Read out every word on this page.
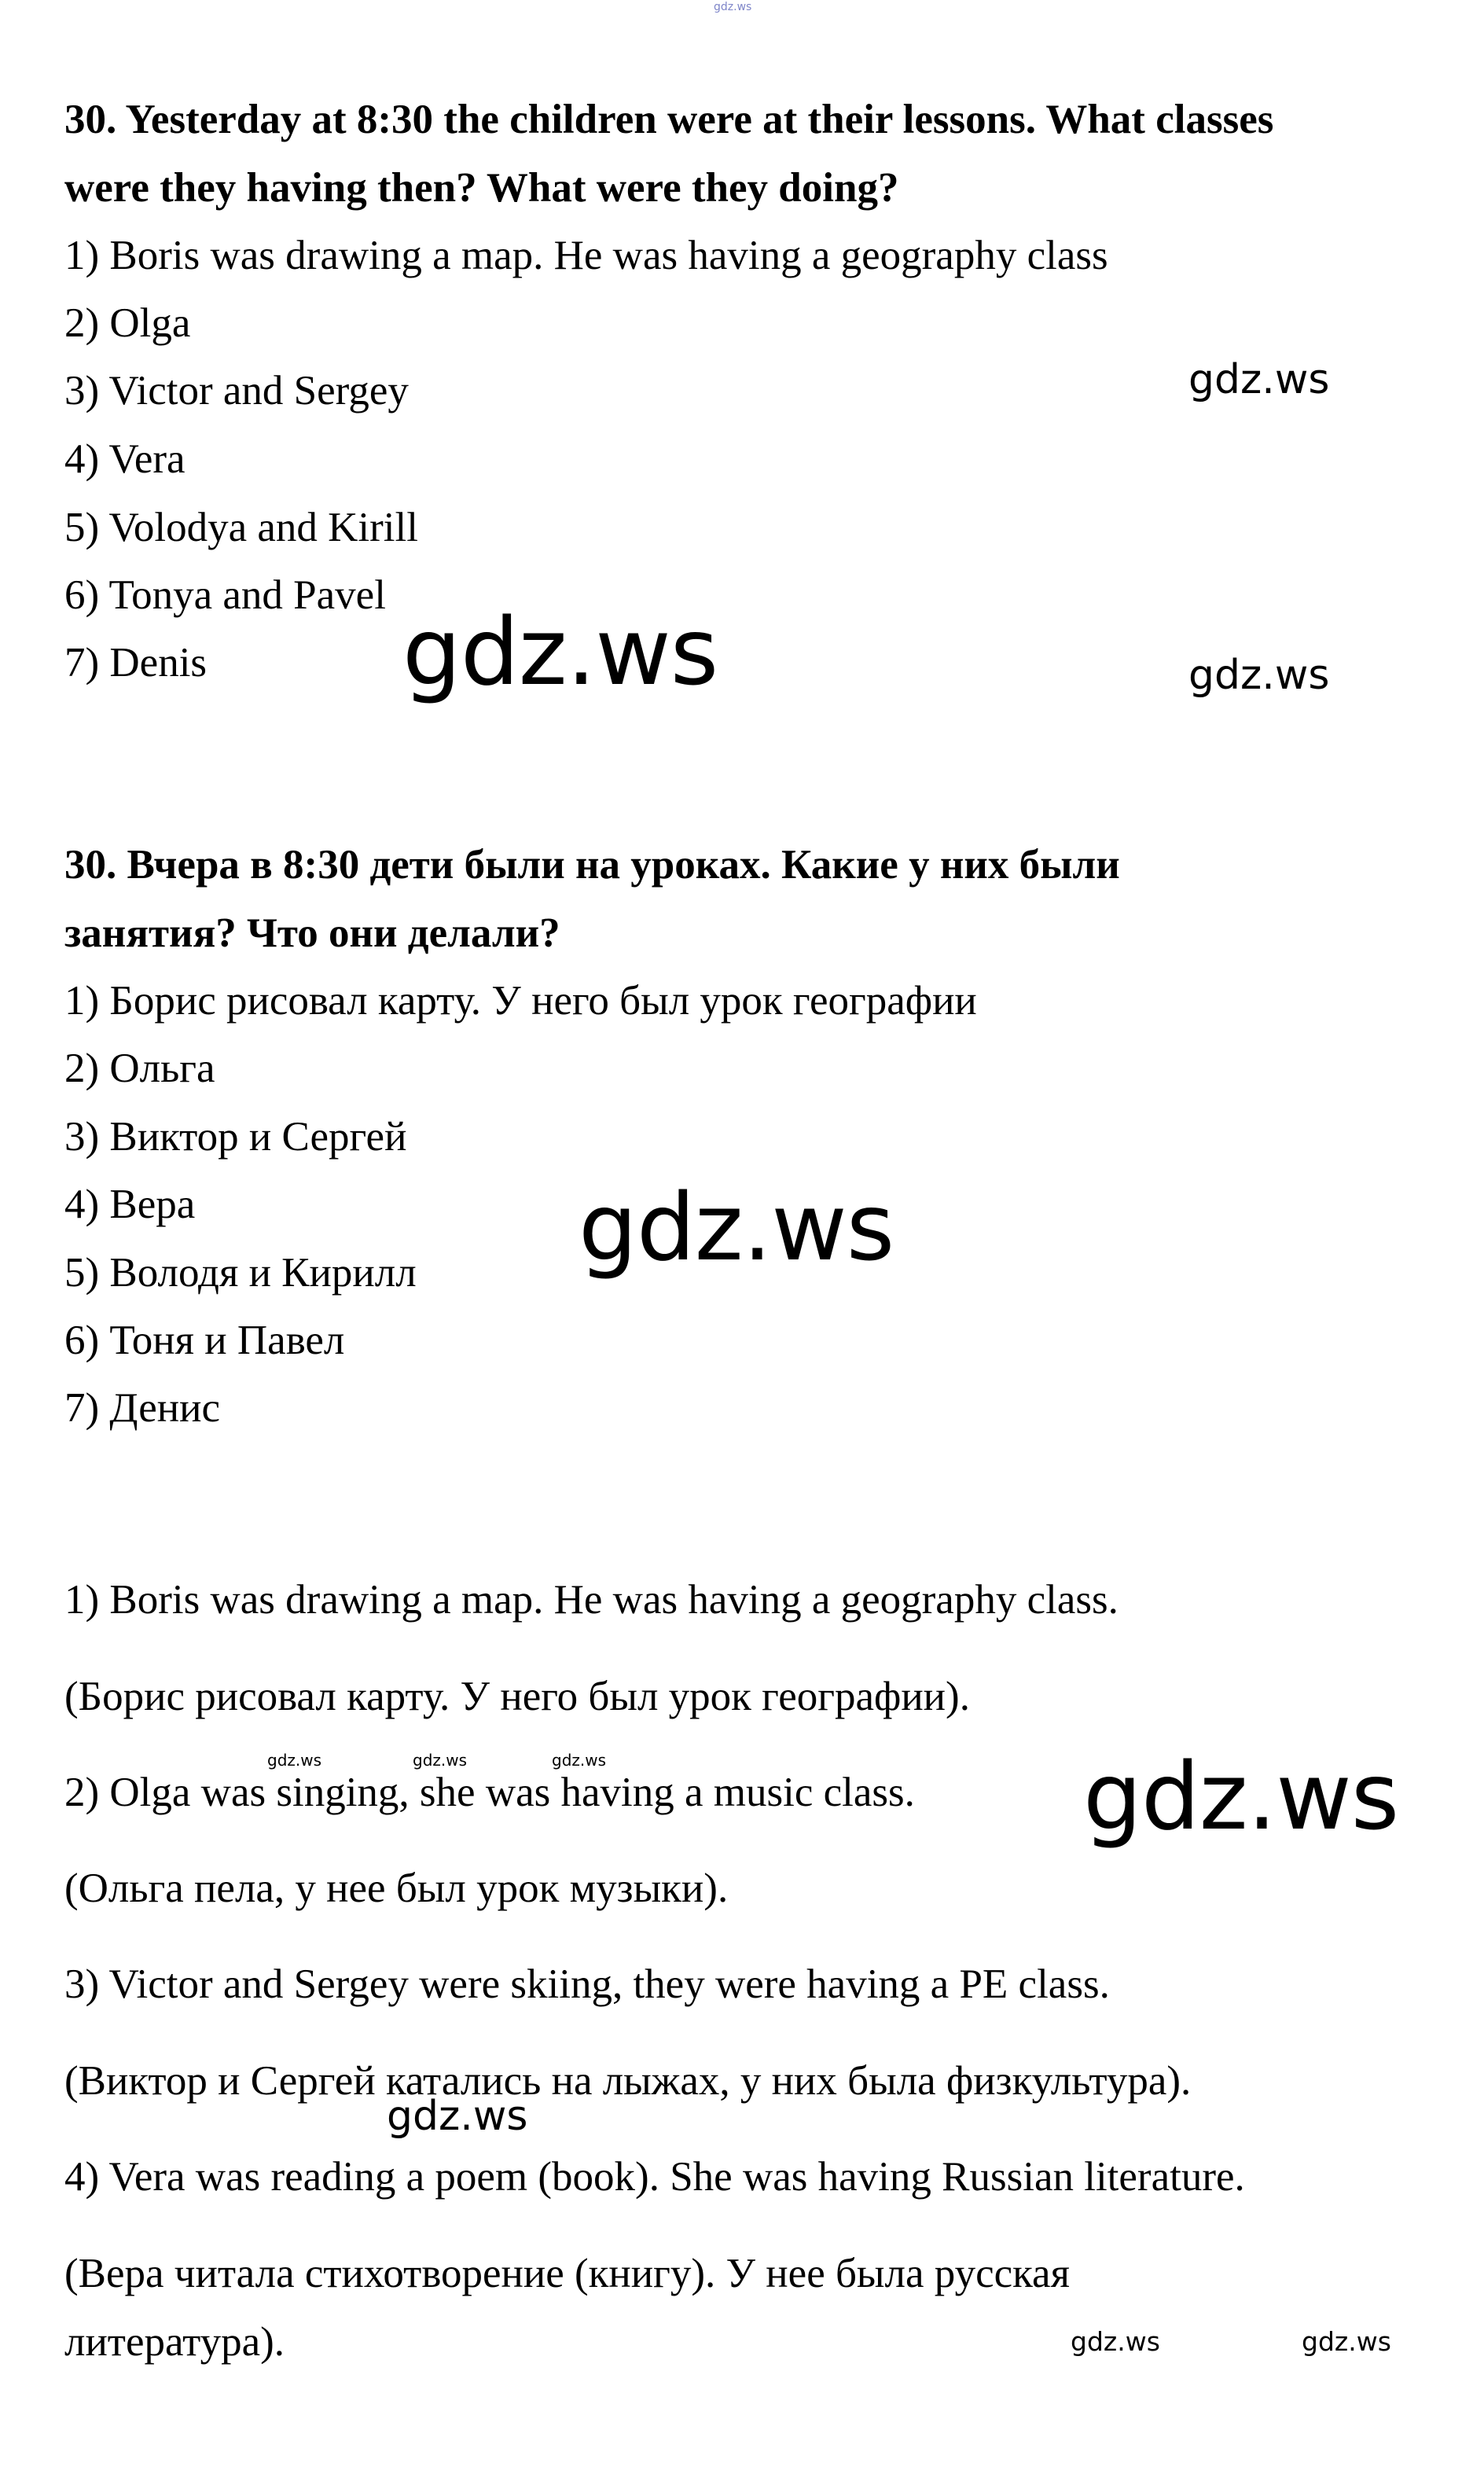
gdz.ws

30. Yesterday at 8:30 the children were at their lessons. What classes

were they having then? What were they doing?

1) Boris was drawing a map. He was having a geography class

2) Olga

3) Victor and Sergey

4) Vera

5) Volodya and Kirill

6) Tonya and Pavel

7) Denis

30. Вчера в 8:30 дети были на уроках. Какие у них были

занятия? Что они делали?

1) Борис рисовал карту. У него был урок географии

2) Ольга

3) Виктор и Сергей

4) Вера

5) Володя и Кирилл

6) Тоня и Павел

7) Денис

1) Boris was drawing a map. He was having a geography class.

(Борис рисовал карту. У него был урок географии).

2) Olga was singing, she was having a music class.

(Ольга пела, у нее был урок музыки).

3) Victor and Sergey were skiing, they were having a PE class.

(Виктор и Сергей катались на лыжах, у них была физкультура).

4) Vera was reading a poem (book). She was having Russian literature.

(Вера читала стихотворение (книгу). У нее была русская

литература).

gdz.ws
gdz.ws	gdz.ws
gdz.ws
gdz.ws	gdz.ws	gdz.ws	gdz.ws
gdz.ws
gdz.ws	gdz.ws
